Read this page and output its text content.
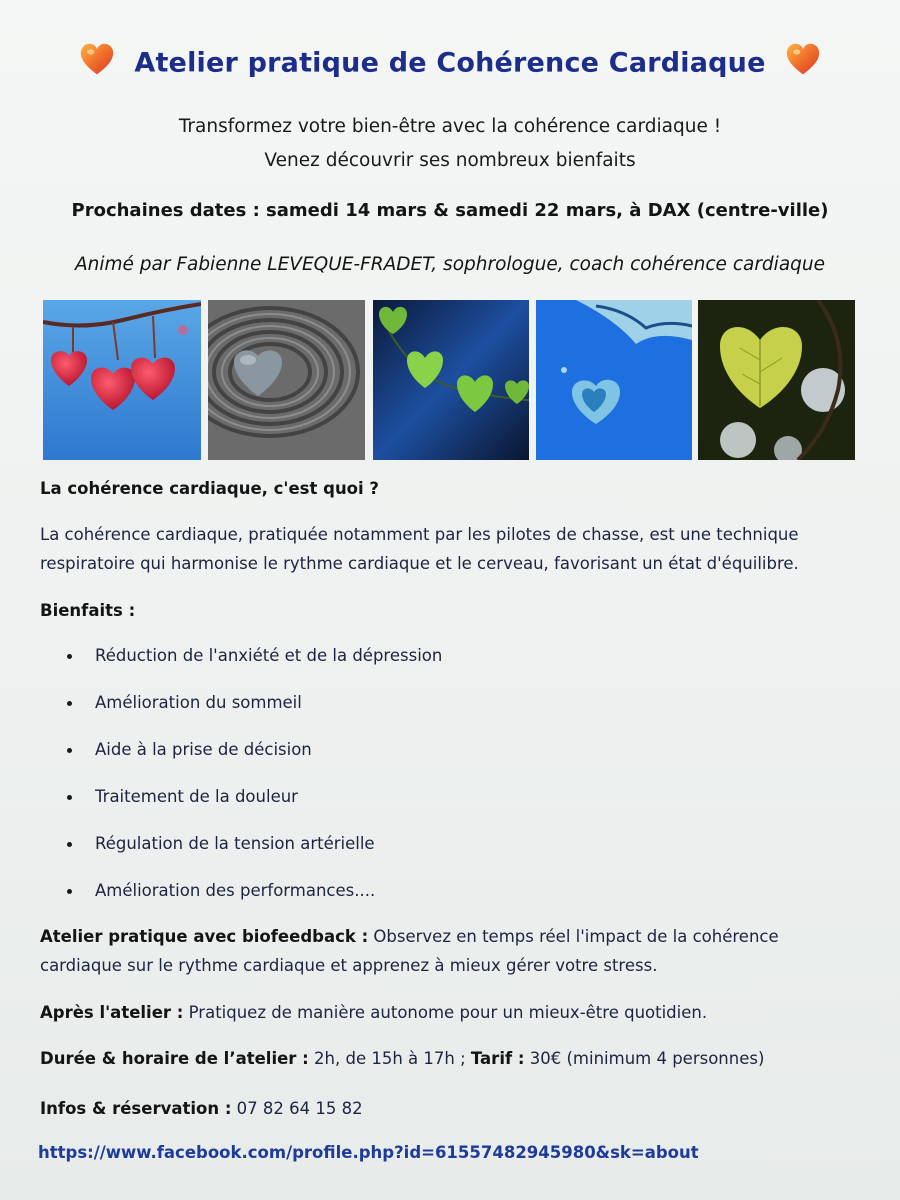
Atelier pratique de Cohérence Cardiaque
Transformez votre bien-être avec la cohérence cardiaque !
Venez découvrir ses nombreux bienfaits
Prochaines dates : samedi 14 mars & samedi 22 mars, à DAX (centre-ville)
Animé par Fabienne LEVEQUE-FRADET, sophrologue, coach cohérence cardiaque
La cohérence cardiaque, c'est quoi ?
La cohérence cardiaque, pratiquée notamment par les pilotes de chasse, est une technique
respiratoire qui harmonise le rythme cardiaque et le cerveau, favorisant un état d'équilibre.
Bienfaits :
Réduction de l'anxiété et de la dépression
Amélioration du sommeil
Aide à la prise de décision
Traitement de la douleur
Régulation de la tension artérielle
Amélioration des performances....
Atelier pratique avec biofeedback : Observez en temps réel l'impact de la cohérence
cardiaque sur le rythme cardiaque et apprenez à mieux gérer votre stress.
Après l'atelier : Pratiquez de manière autonome pour un mieux-être quotidien.
Durée & horaire de l’atelier : 2h, de 15h à 17h ; Tarif : 30€ (minimum 4 personnes)
Infos & réservation : 07 82 64 15 82
https://www.facebook.com/profile.php?id=61557482945980&sk=about
